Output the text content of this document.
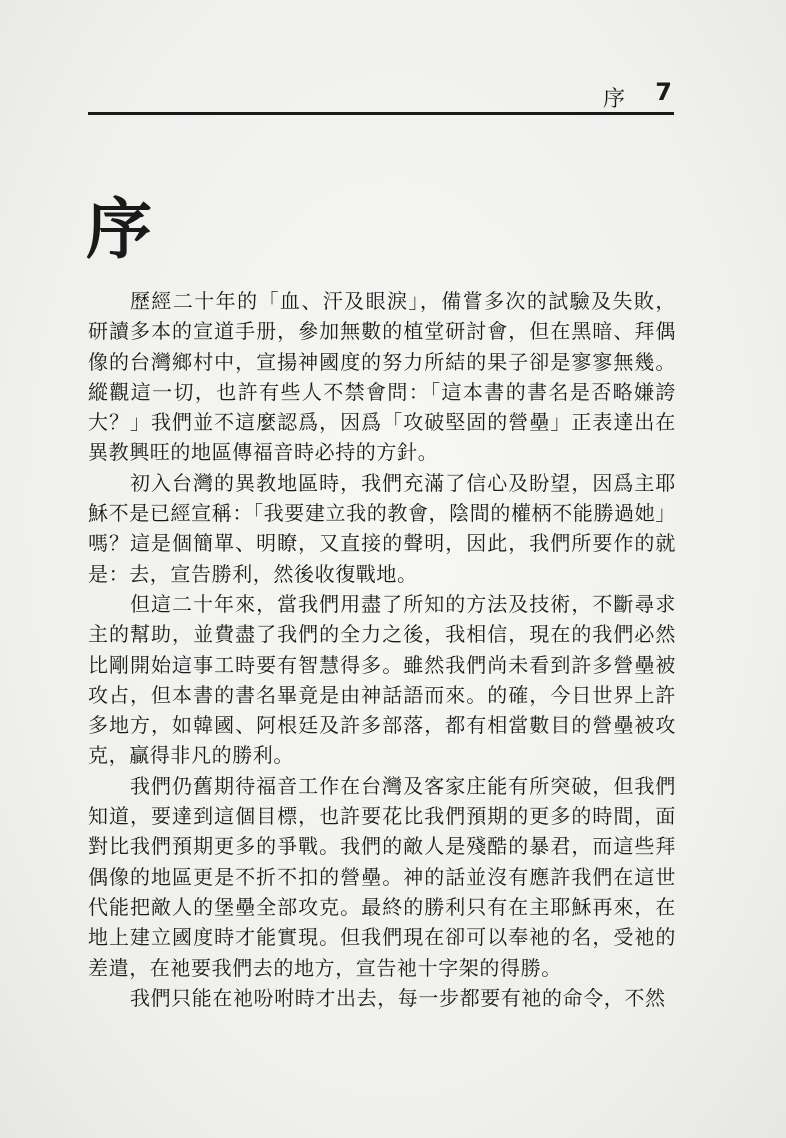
序 7
序

歷經二十年的「血、汗及眼淚」，備嘗多次的試驗及失敗，研讀多本的宣道手册，參加無數的植堂研討會，但在黑暗、拜偶像的台灣鄉村中，宣揚神國度的努力所結的果子卻是寥寥無幾。縱觀這一切，也許有些人不禁會問：「這本書的書名是否略嫌誇大？」我們並不這麼認爲，因爲「攻破堅固的營壘」正表達出在異教興旺的地區傳福音時必持的方針。

初入台灣的異教地區時，我們充滿了信心及盼望，因爲主耶穌不是已經宣稱：「我要建立我的教會，陰間的權柄不能勝過她」嗎？這是個簡單、明瞭，又直接的聲明，因此，我們所要作的就是：去，宣告勝利，然後收復戰地。

但這二十年來，當我們用盡了所知的方法及技術，不斷尋求主的幫助，並費盡了我們的全力之後，我相信，現在的我們必然比剛開始這事工時要有智慧得多。雖然我們尚未看到許多營壘被攻占，但本書的書名畢竟是由神話語而來。的確，今日世界上許多地方，如韓國、阿根廷及許多部落，都有相當數目的營壘被攻克，贏得非凡的勝利。

我們仍舊期待福音工作在台灣及客家庄能有所突破，但我們知道，要達到這個目標，也許要花比我們預期的更多的時間，面對比我們預期更多的爭戰。我們的敵人是殘酷的暴君，而這些拜偶像的地區更是不折不扣的營壘。神的話並沒有應許我們在這世代能把敵人的堡壘全部攻克。最終的勝利只有在主耶穌再來，在地上建立國度時才能實現。但我們現在卻可以奉祂的名，受祂的差遣，在祂要我們去的地方，宣告祂十字架的得勝。

我們只能在祂吩咐時才出去，每一步都要有祂的命令，不然
